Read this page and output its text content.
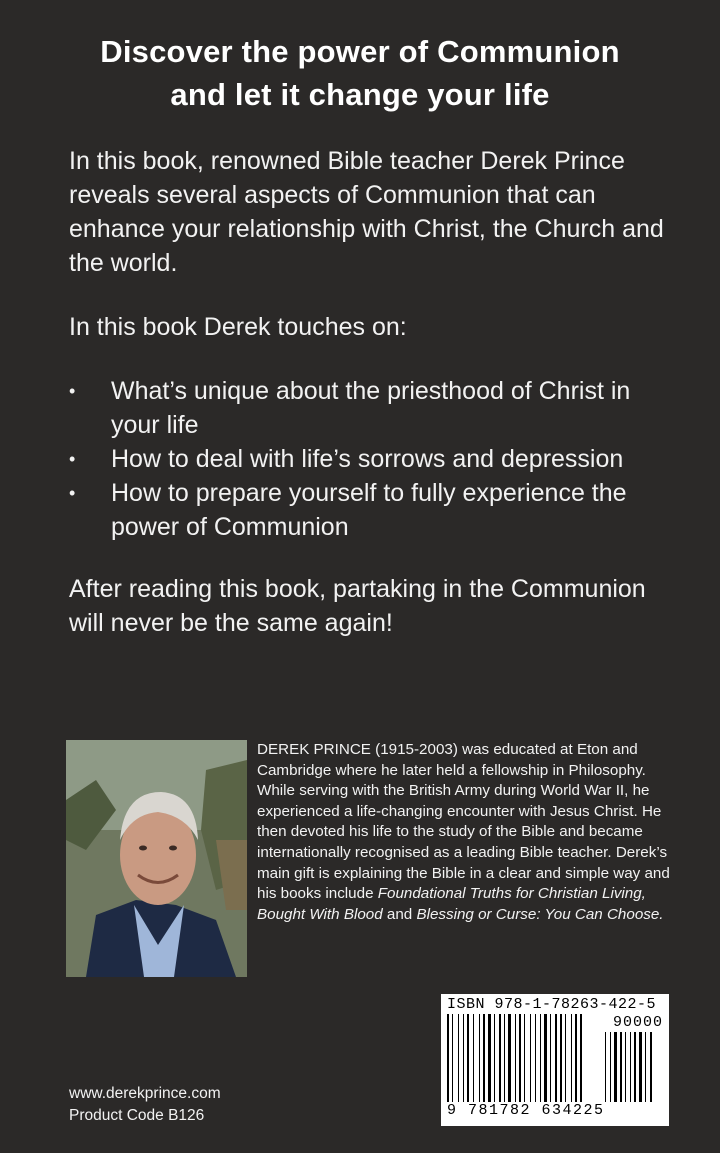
Discover the power of Communion
and let it change your life
In this book, renowned Bible teacher Derek Prince reveals several aspects of Communion that can enhance your relationship with Christ, the Church and the world.
In this book Derek touches on:
• What’s unique about the priesthood of Christ in your life
• How to deal with life’s sorrows and depression
• How to prepare yourself to fully experience the power of Communion
After reading this book, partaking in the Communion will never be the same again!
DEREK PRINCE (1915-2003) was educated at Eton and Cambridge where he later held a fellowship in Philosophy. While serving with the British Army during World War II, he experienced a life-changing encounter with Jesus Christ. He then devoted his life to the study of the Bible and became internationally recognised as a leading Bible teacher. Derek’s main gift is explaining the Bible in a clear and simple way and his books include Foundational Truths for Christian Living, Bought With Blood and Blessing or Curse: You Can Choose.
ISBN 978-1-78263-422-5
90000
9 781782 634225
www.derekprince.com
Product Code B126
